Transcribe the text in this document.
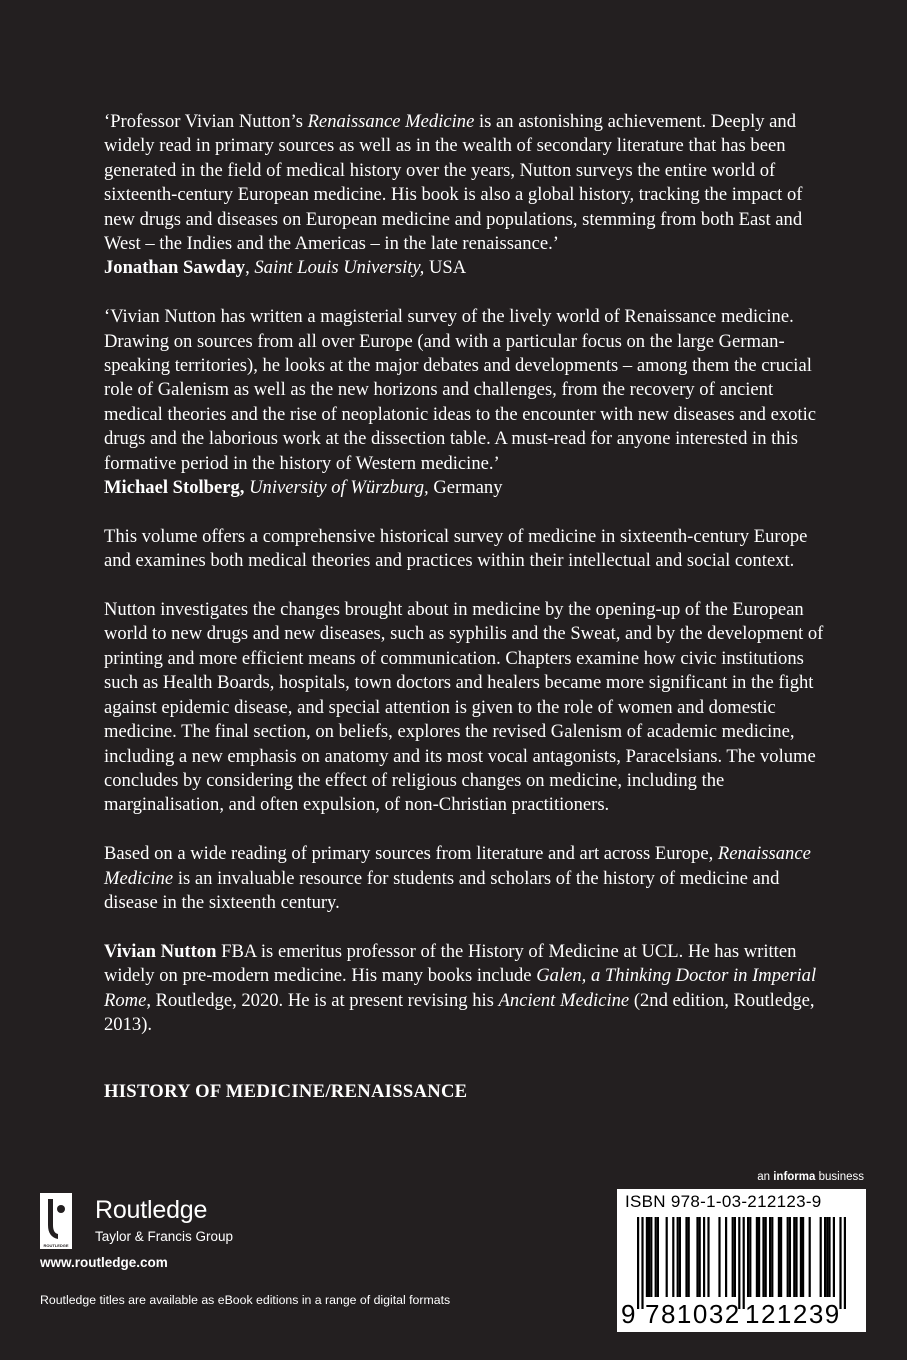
‘Professor Vivian Nutton’s Renaissance Medicine is an astonishing achievement. Deeply and widely read in primary sources as well as in the wealth of secondary literature that has been generated in the field of medical history over the years, Nutton surveys the entire world of sixteenth-century European medicine. His book is also a global history, tracking the impact of new drugs and diseases on European medicine and populations, stemming from both East and West – the Indies and the Americas – in the late renaissance.’

Jonathan Sawday, Saint Louis University, USA

‘Vivian Nutton has written a magisterial survey of the lively world of Renaissance medicine. Drawing on sources from all over Europe (and with a particular focus on the large German-speaking territories), he looks at the major debates and developments – among them the crucial role of Galenism as well as the new horizons and challenges, from the recovery of ancient medical theories and the rise of neoplatonic ideas to the encounter with new diseases and exotic drugs and the laborious work at the dissection table. A must-read for anyone interested in this formative period in the history of Western medicine.’

Michael Stolberg, University of Würzburg, Germany

This volume offers a comprehensive historical survey of medicine in sixteenth-century Europe and examines both medical theories and practices within their intellectual and social context.

Nutton investigates the changes brought about in medicine by the opening-up of the European world to new drugs and new diseases, such as syphilis and the Sweat, and by the development of printing and more efficient means of communication. Chapters examine how civic institutions such as Health Boards, hospitals, town doctors and healers became more significant in the fight against epidemic disease, and special attention is given to the role of women and domestic medicine. The final section, on beliefs, explores the revised Galenism of academic medicine, including a new emphasis on anatomy and its most vocal antagonists, Paracelsians. The volume concludes by considering the effect of religious changes on medicine, including the marginalisation, and often expulsion, of non-Christian practitioners.

Based on a wide reading of primary sources from literature and art across Europe, Renaissance Medicine is an invaluable resource for students and scholars of the history of medicine and disease in the sixteenth century.

Vivian Nutton FBA is emeritus professor of the History of Medicine at UCL. He has written widely on pre-modern medicine. His many books include Galen, a Thinking Doctor in Imperial Rome, Routledge, 2020. He is at present revising his Ancient Medicine (2nd edition, Routledge, 2013).

HISTORY OF MEDICINE/RENAISSANCE
ROUTLEDGE
Routledge
Taylor & Francis Group
www.routledge.com
Routledge titles are available as eBook editions in a range of digital formats
an informa business
ISBN 978-1-03-212123-9
9 781032 121239
